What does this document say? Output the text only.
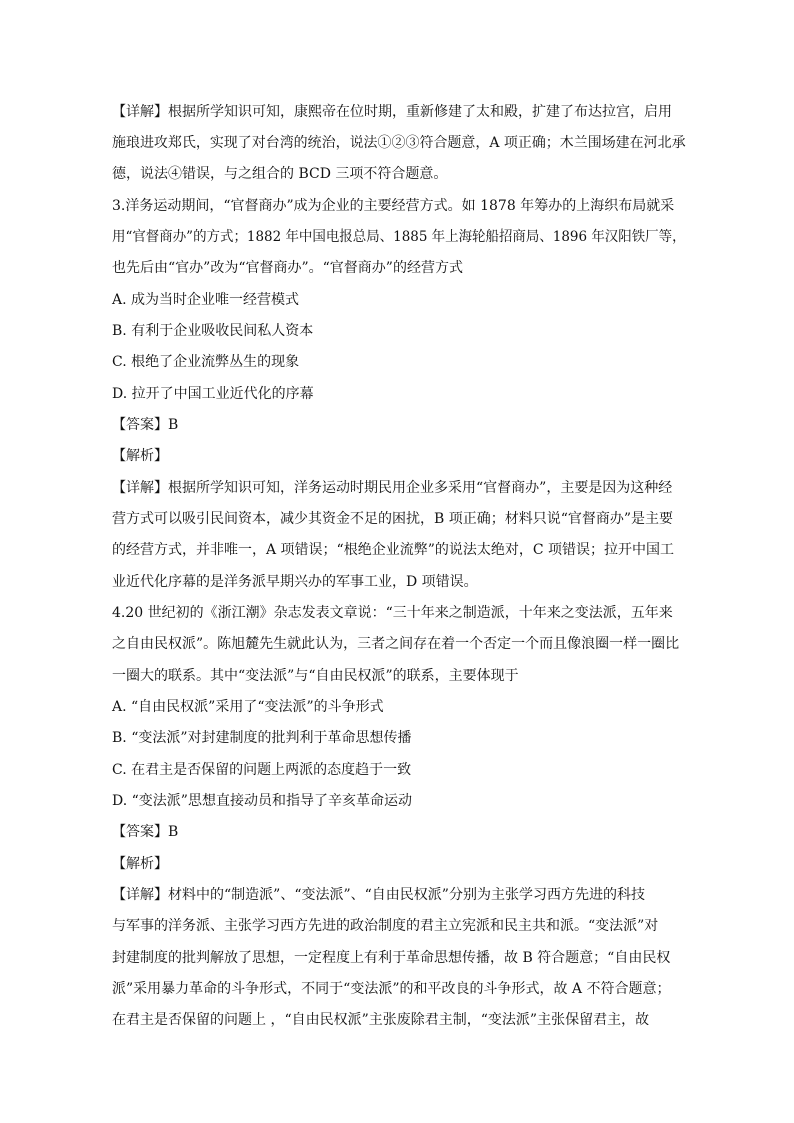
【详解】根据所学知识可知，康熙帝在位时期，重新修建了太和殿，扩建了布达拉宫，启用
施琅进攻郑氏，实现了对台湾的统治，说法①②③符合题意，A 项正确；木兰围场建在河北承
德，说法④错误，与之组合的 BCD 三项不符合题意。
3.洋务运动期间，“官督商办”成为企业的主要经营方式。如 1878 年筹办的上海织布局就采
用“官督商办”的方式；1882 年中国电报总局、1885 年上海轮船招商局、1896 年汉阳铁厂等，
也先后由“官办”改为“官督商办”。“官督商办”的经营方式
A. 成为当时企业唯一经营模式
B. 有利于企业吸收民间私人资本
C. 根绝了企业流弊丛生的现象
D. 拉开了中国工业近代化的序幕
【答案】B
【解析】
【详解】根据所学知识可知，洋务运动时期民用企业多采用“官督商办”，主要是因为这种经
营方式可以吸引民间资本，减少其资金不足的困扰，B 项正确；材料只说“官督商办”是主要
的经营方式，并非唯一，A 项错误；“根绝企业流弊”的说法太绝对，C 项错误；拉开中国工
业近代化序幕的是洋务派早期兴办的军事工业，D 项错误。
4.20 世纪初的《浙江潮》杂志发表文章说：“三十年来之制造派，十年来之变法派，五年来
之自由民权派”。陈旭麓先生就此认为，三者之间存在着一个否定一个而且像浪圈一样一圈比
一圈大的联系。其中“变法派”与“自由民权派”的联系，主要体现于
A. “自由民权派”采用了“变法派”的斗争形式
B. “变法派”对封建制度的批判利于革命思想传播
C. 在君主是否保留的问题上两派的态度趋于一致
D. “变法派”思想直接动员和指导了辛亥革命运动
【答案】B
【解析】
【详解】材料中的“制造派”、“变法派”、“自由民权派”分别为主张学习西方先进的科技
与军事的洋务派、主张学习西方先进的政治制度的君主立宪派和民主共和派。“变法派”对
封建制度的批判解放了思想，一定程度上有利于革命思想传播，故 B 符合题意；“自由民权
派”采用暴力革命的斗争形式，不同于“变法派”的和平改良的斗争形式，故 A 不符合题意；
在君主是否保留的问题上 ，“自由民权派”主张废除君主制，“变法派”主张保留君主，故
